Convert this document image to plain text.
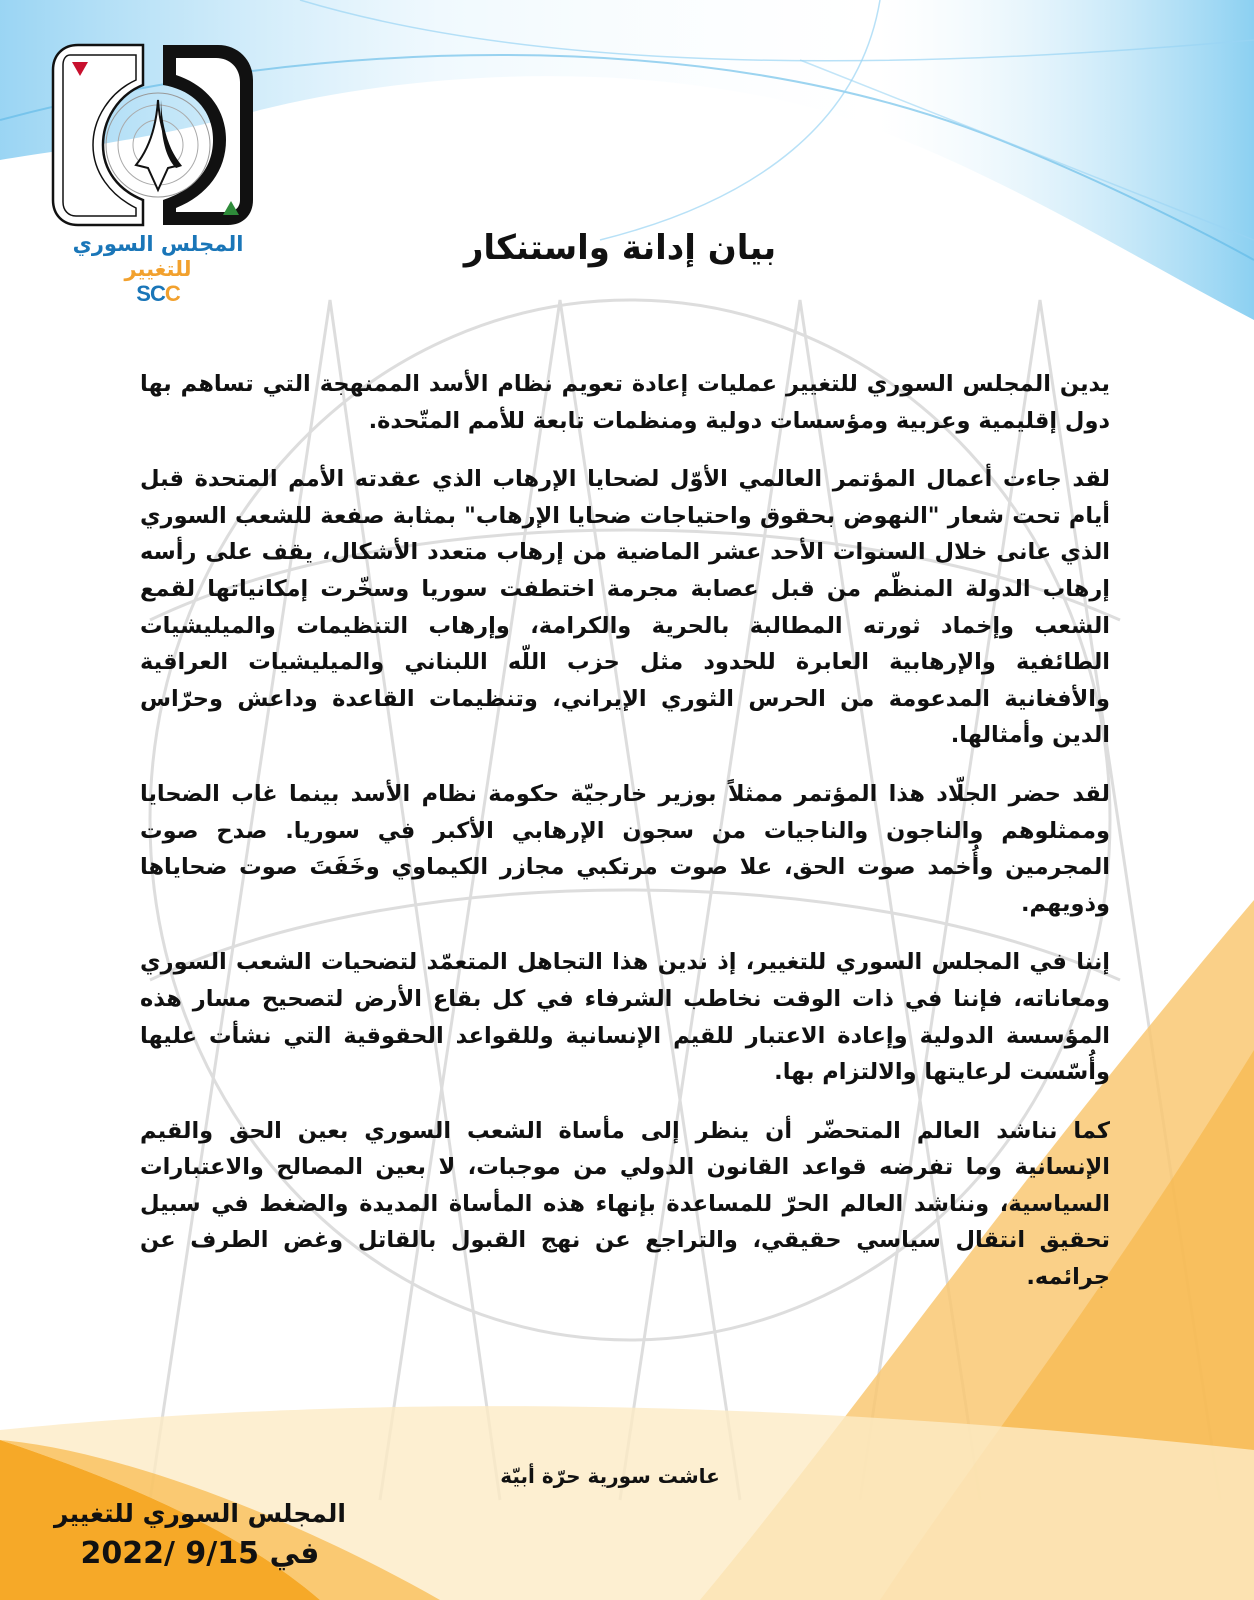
المجلس السوري للتغيير
SCC
بيان إدانة واستنكار

يدين المجلس السوري للتغيير عمليات إعادة تعويم نظام الأسد الممنهجة التي تساهم بها دول إقليمية وعربية ومؤسسات دولية ومنظمات تابعة للأمم المتّحدة.

لقد جاءت أعمال المؤتمر العالمي الأوّل لضحايا الإرهاب الذي عقدته الأمم المتحدة قبل أيام تحت شعار "النهوض بحقوق واحتياجات ضحايا الإرهاب" بمثابة صفعة للشعب السوري الذي عانى خلال السنوات الأحد عشر الماضية من إرهاب متعدد الأشكال، يقف على رأسه إرهاب الدولة المنظّم من قبل عصابة مجرمة اختطفت سوريا وسخّرت إمكانياتها لقمع الشعب وإخماد ثورته المطالبة بالحرية والكرامة، وإرهاب التنظيمات والميليشيات الطائفية والإرهابية العابرة للحدود مثل حزب اللّه اللبناني والميليشيات العراقية والأفغانية المدعومة من الحرس الثوري الإيراني، وتنظيمات القاعدة وداعش وحرّاس الدين وأمثالها.

لقد حضر الجلّاد هذا المؤتمر ممثلاً بوزير خارجيّة حكومة نظام الأسد بينما غاب الضحايا وممثلوهم والناجون والناجيات من سجون الإرهابي الأكبر في سوريا. صدح صوت المجرمين وأُخمد صوت الحق، علا صوت مرتكبي مجازر الكيماوي وخَفَتَ صوت ضحاياها وذويهم.

إننا في المجلس السوري للتغيير، إذ ندين هذا التجاهل المتعمّد لتضحيات الشعب السوري ومعاناته، فإننا في ذات الوقت نخاطب الشرفاء في كل بقاع الأرض لتصحيح مسار هذه المؤسسة الدولية وإعادة الاعتبار للقيم الإنسانية وللقواعد الحقوقية التي نشأت عليها وأُسّست لرعايتها والالتزام بها.

كما نناشد العالم المتحضّر أن ينظر إلى مأساة الشعب السوري بعين الحق والقيم الإنسانية وما تفرضه قواعد القانون الدولي من موجبات، لا بعين المصالح والاعتبارات السياسية، ونناشد العالم الحرّ للمساعدة بإنهاء هذه المأساة المديدة والضغط في سبيل تحقيق انتقال سياسي حقيقي، والتراجع عن نهج القبول بالقاتل وغض الطرف عن جرائمه.

عاشت سورية حرّة أبيّة
المجلس السوري للتغيير
في 9/15 /2022
